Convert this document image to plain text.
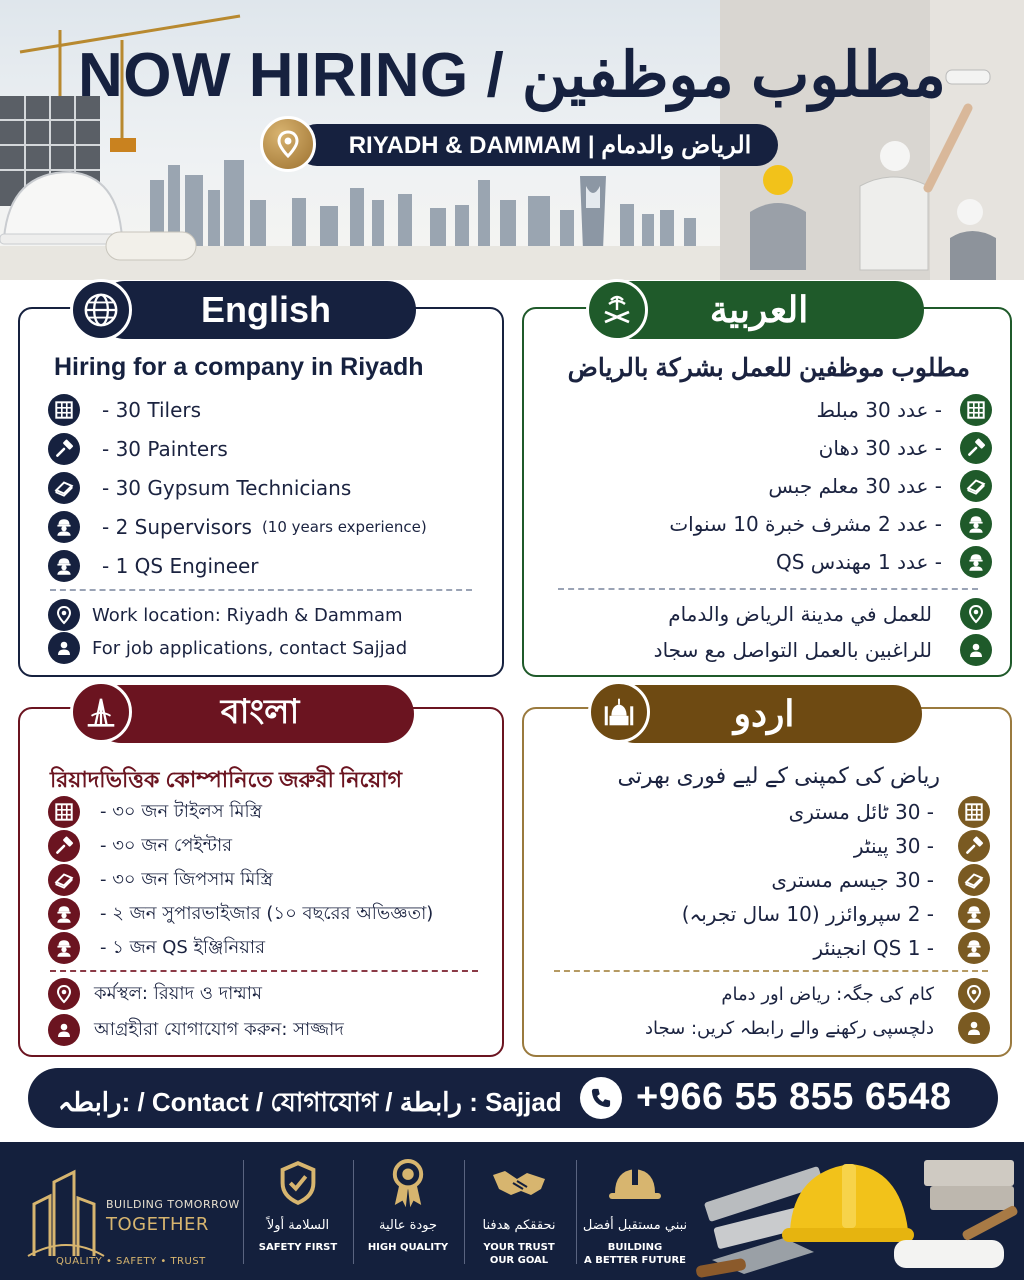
NOW HIRING / مطلوب موظفين
RIYADH & DAMMAM | الرياض والدمام
English
Hiring for a company in Riyadh
- 30 Tilers
- 30 Painters
- 30 Gypsum Technicians
- 2 Supervisors (10 years experience)
- 1 QS Engineer
Work location: Riyadh & Dammam
For job applications, contact Sajjad
العربية
مطلوب موظفين للعمل بشركة بالرياض
- عدد 30 مبلط
- عدد 30 دهان
- عدد 30 معلم جبس
- عدد 2 مشرف خبرة 10 سنوات
- عدد 1 مهندس QS
للعمل في مدينة الرياض والدمام
للراغبين بالعمل التواصل مع سجاد
বাংলা
রিয়াদভিত্তিক কোম্পানিতে জরুরী নিয়োগ
- ৩০ জন টাইলস মিস্ত্রি
- ৩০ জন পেইন্টার
- ৩০ জন জিপসাম মিস্ত্রি
- ২ জন সুপারভাইজার (১০ বছরের অভিজ্ঞতা)
- ১ জন QS ইঞ্জিনিয়ার
কর্মস্থল: রিয়াদ ও দাম্মাম
আগ্রহীরা যোগাযোগ করুন: সাজ্জাদ
اردو
ریاض کی کمپنی کے لیے فوری بھرتی
- 30 ٹائل مستری
- 30 پینٹر
- 30 جیسم مستری
- 2 سپروائزر (10 سال تجربہ)
- 1 QS انجینئر
کام کی جگہ: ریاض اور دمام
دلچسپی رکھنے والے رابطہ کریں: سجاد
رابطہ: / Contact / যোগাযোগ / رابطة : Sajjad +966 55 855 6548
BUILDING TOMORROW
TOGETHER
QUALITY • SAFETY • TRUST
السلامة أولاً
SAFETY FIRST
جودة عالية
HIGH QUALITY
نحققكم هدفنا
YOUR TRUST
OUR GOAL
نبني مستقبل أفضل
BUILDING
A BETTER FUTURE
